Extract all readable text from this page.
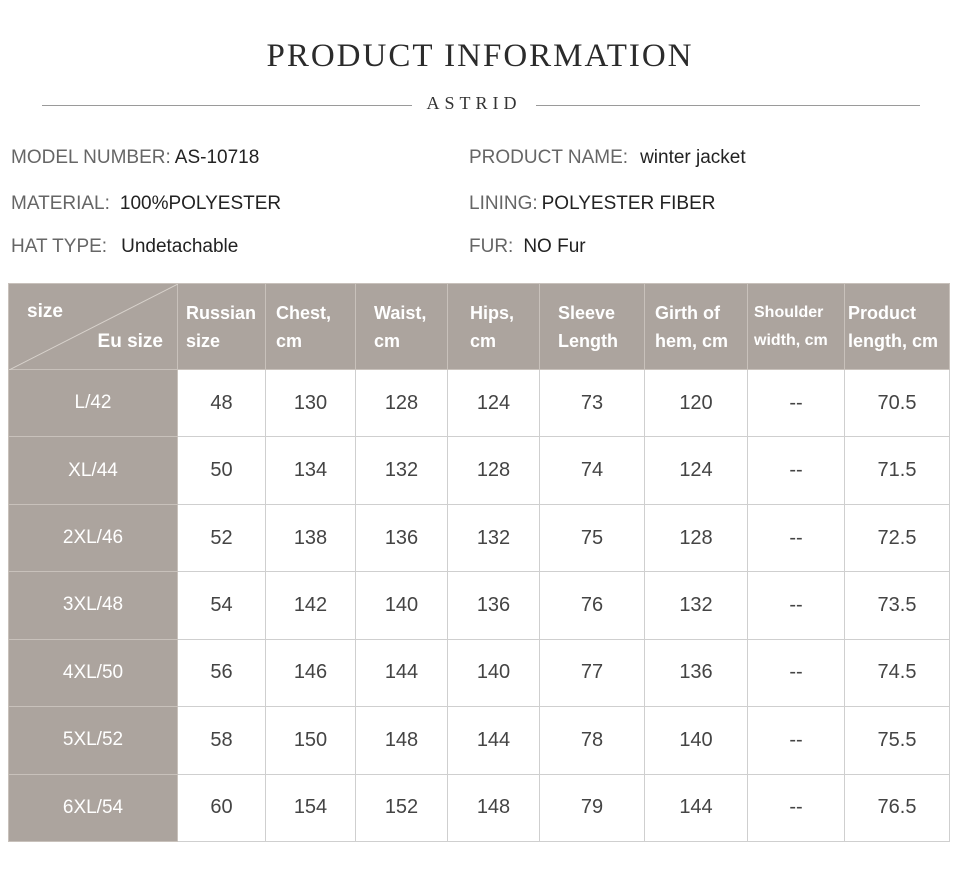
PRODUCT INFORMATION
ASTRID
MODEL NUMBER: AS-10718	PRODUCT NAME: winter jacket
MATERIAL: 100%POLYESTER	LINING: POLYESTER FIBER
HAT TYPE: Undetachable	FUR: NO Fur
size
Eu size	Russian size	Chest, cm	Waist, cm	Hips, cm	Sleeve Length	Girth of hem, cm	Shoulder width, cm	Product length, cm
L/42	48	130	128	124	73	120	--	70.5
XL/44	50	134	132	128	74	124	--	71.5
2XL/46	52	138	136	132	75	128	--	72.5
3XL/48	54	142	140	136	76	132	--	73.5
4XL/50	56	146	144	140	77	136	--	74.5
5XL/52	58	150	148	144	78	140	--	75.5
6XL/54	60	154	152	148	79	144	--	76.5
